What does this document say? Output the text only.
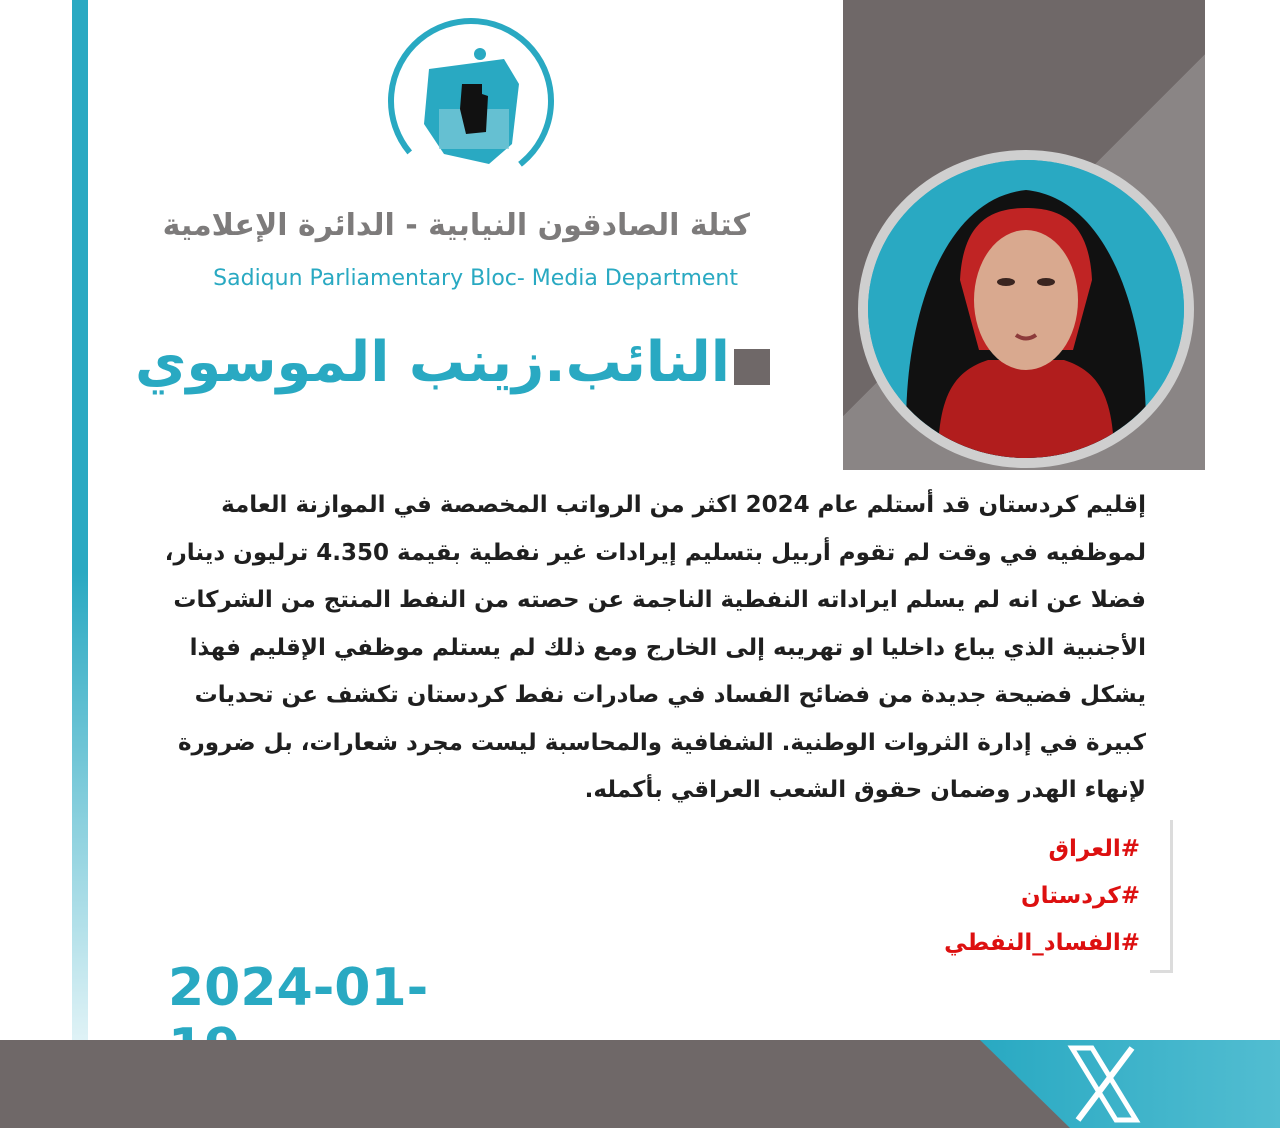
كتلة الصادقون النيابية - الدائرة الإعلامية
Sadiqun Parliamentary Bloc- Media Department
النائب.زينب الموسوي
إقليم كردستان قد أستلم عام 2024 اكثر من الرواتب المخصصة في الموازنة العامة
لموظفيه في وقت لم تقوم أربيل بتسليم إيرادات غير نفطية بقيمة 4.350 ترليون دينار،
فضلا عن انه لم يسلم ايراداته النفطية الناجمة عن حصته من النفط المنتج من الشركات
الأجنبية الذي يباع داخليا او تهريبه إلى الخارج ومع ذلك لم يستلم موظفي الإقليم فهذا
يشكل فضيحة جديدة من فضائح الفساد في صادرات نفط كردستان تكشف عن تحديات
كبيرة في إدارة الثروات الوطنية. الشفافية والمحاسبة ليست مجرد شعارات، بل ضرورة
لإنهاء الهدر وضمان حقوق الشعب العراقي بأكمله.
#العراق
#كردستان
#الفساد_النفطي
2024-01-
